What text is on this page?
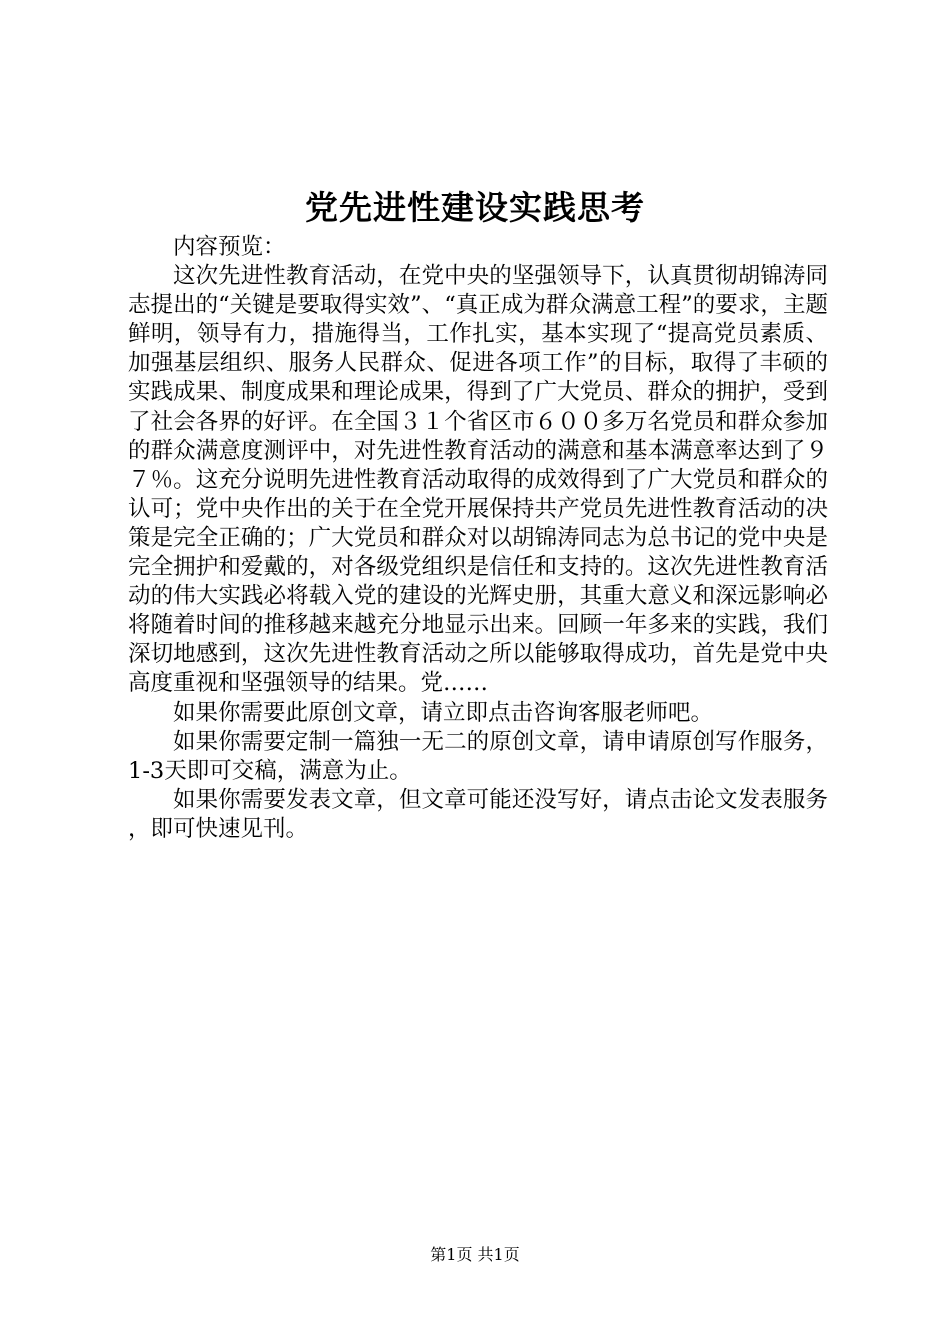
党先进性建设实践思考

内容预览：

这次先进性教育活动，在党中央的坚强领导下，认真贯彻胡锦涛同志提出的“关键是要取得实效”、“真正成为群众满意工程”的要求，主题鲜明，领导有力，措施得当，工作扎实，基本实现了“提高党员素质、加强基层组织、服务人民群众、促进各项工作”的目标，取得了丰硕的实践成果、制度成果和理论成果，得到了广大党员、群众的拥护，受到了社会各界的好评。在全国３１个省区市６００多万名党员和群众参加的群众满意度测评中，对先进性教育活动的满意和基本满意率达到了９７％。这充分说明先进性教育活动取得的成效得到了广大党员和群众的认可；党中央作出的关于在全党开展保持共产党员先进性教育活动的决策是完全正确的；广大党员和群众对以胡锦涛同志为总书记的党中央是完全拥护和爱戴的，对各级党组织是信任和支持的。这次先进性教育活动的伟大实践必将载入党的建设的光辉史册，其重大意义和深远影响必将随着时间的推移越来越充分地显示出来。回顾一年多来的实践，我们深切地感到，这次先进性教育活动之所以能够取得成功，首先是党中央高度重视和坚强领导的结果。党……

如果你需要此原创文章，请立即点击咨询客服老师吧。

如果你需要定制一篇独一无二的原创文章，请申请原创写作服务，1-3天即可交稿，满意为止。

如果你需要发表文章，但文章可能还没写好，请点击论文发表服务，即可快速见刊。

第1页 共1页
